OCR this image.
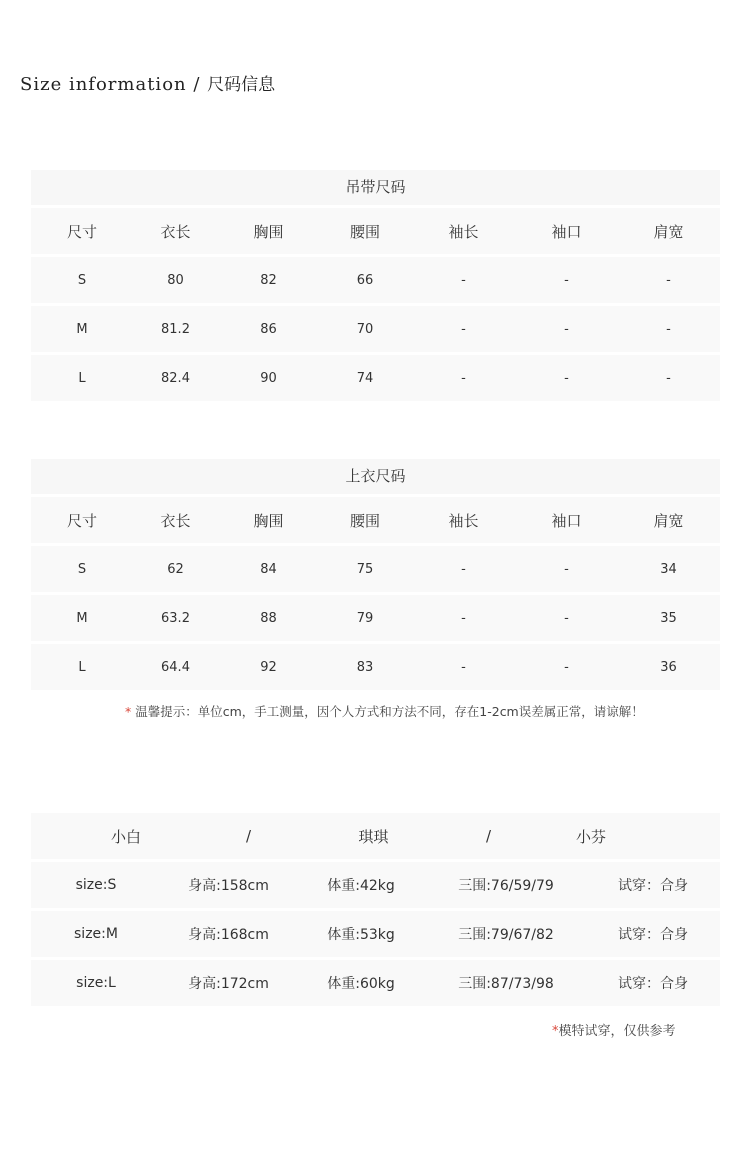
Size information / 尺码信息
吊带尺码
尺寸	衣长	胸围	腰围	袖长	袖口	肩宽
S	80	82	66	-	-	-
M	81.2	86	70	-	-	-
L	82.4	90	74	-	-	-
上衣尺码
尺寸	衣长	胸围	腰围	袖长	袖口	肩宽
S	62	84	75	-	-	34
M	63.2	88	79	-	-	35
L	64.4	92	83	-	-	36
* 温馨提示：单位cm，手工测量，因个人方式和方法不同，存在1-2cm误差属正常，请谅解！
小白	/	琪琪	/	小芬
size:S	身高:158cm	体重:42kg	三围:76/59/79	试穿：合身
size:M	身高:168cm	体重:53kg	三围:79/67/82	试穿：合身
size:L	身高:172cm	体重:60kg	三围:87/73/98	试穿：合身
*模特试穿，仅供参考
